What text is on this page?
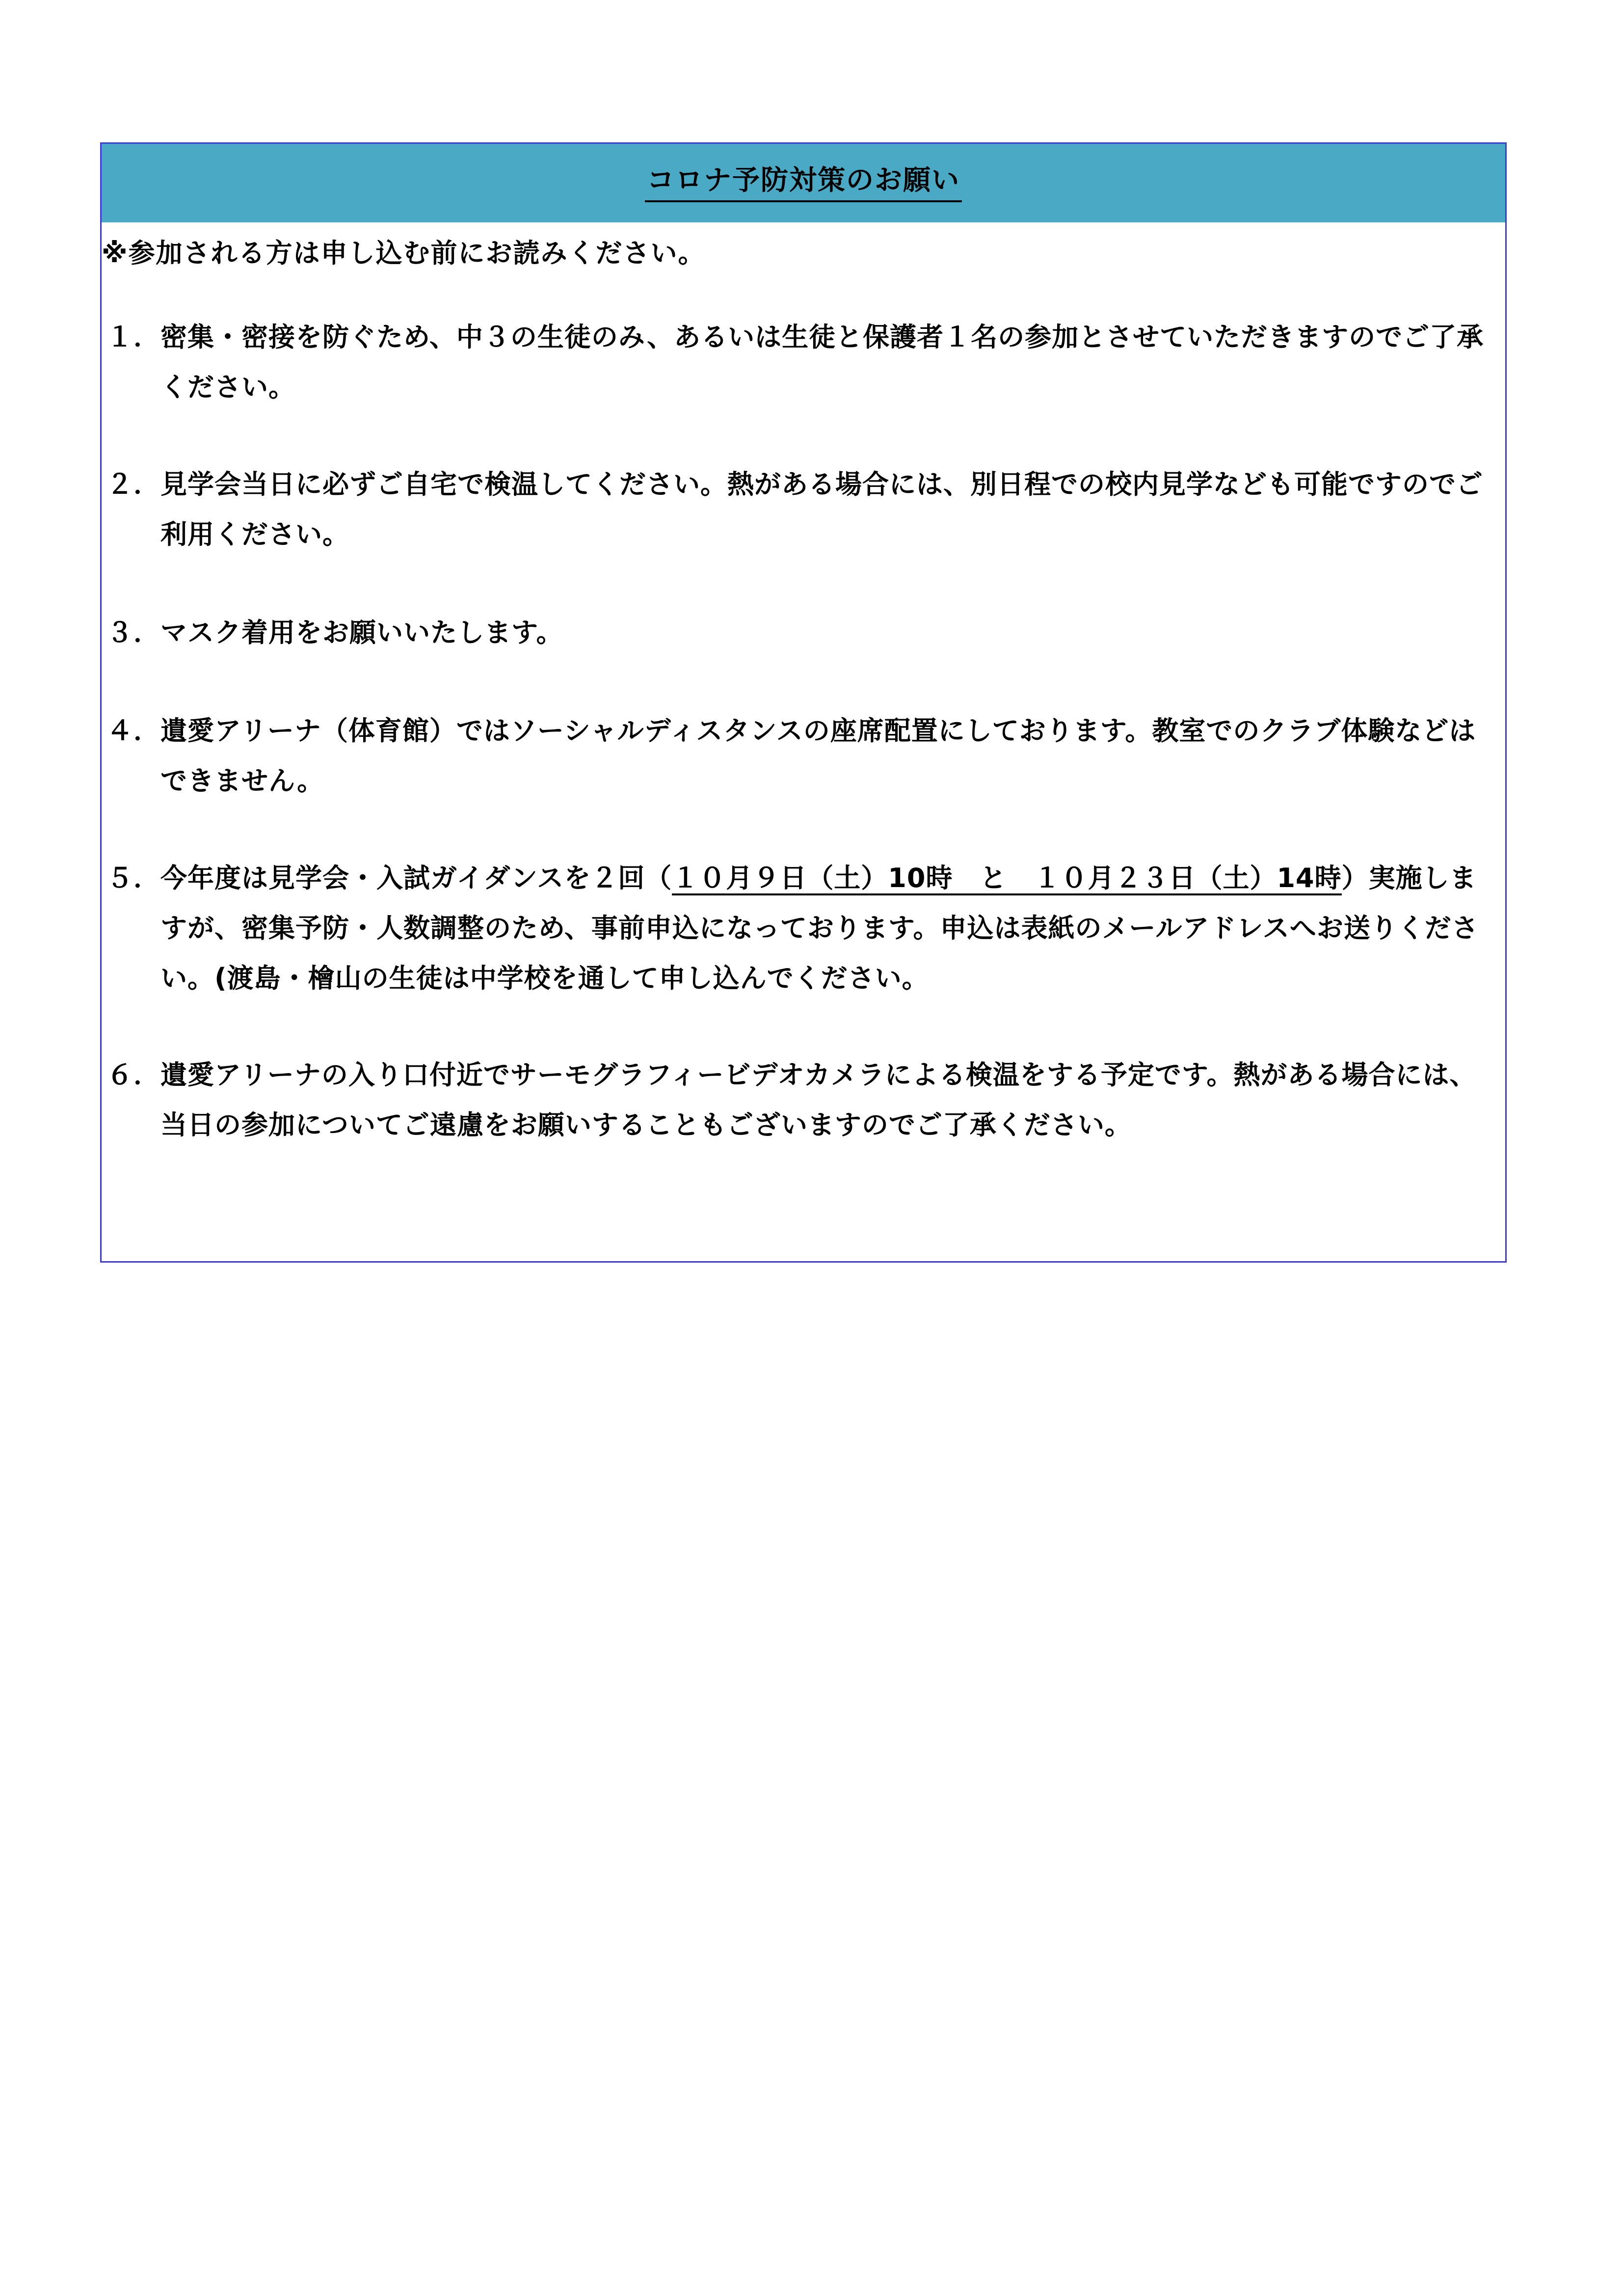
コロナ予防対策のお願い
※参加される方は申し込む前にお読みください。
１． 密集・密接を防ぐため、中３の生徒のみ、あるいは生徒と保護者１名の参加とさせていただきますのでご了承ください。
２． 見学会当日に必ずご自宅で検温してください。熱がある場合には、別日程での校内見学なども可能ですのでご利用ください。
３． マスク着用をお願いいたします。
４． 遺愛アリーナ（体育館）ではソーシャルディスタンスの座席配置にしております。教室でのクラブ体験などはできません。
５． 今年度は見学会・入試ガイダンスを２回（１０月９日（土）10時　と　１０月２３日（土）14時）実施しますが、密集予防・人数調整のため、事前申込になっております。申込は表紙のメールアドレスへお送りください。(渡島・檜山の生徒は中学校を通して申し込んでください。
６． 遺愛アリーナの入り口付近でサーモグラフィービデオカメラによる検温をする予定です。熱がある場合には、当日の参加についてご遠慮をお願いすることもございますのでご了承ください。
